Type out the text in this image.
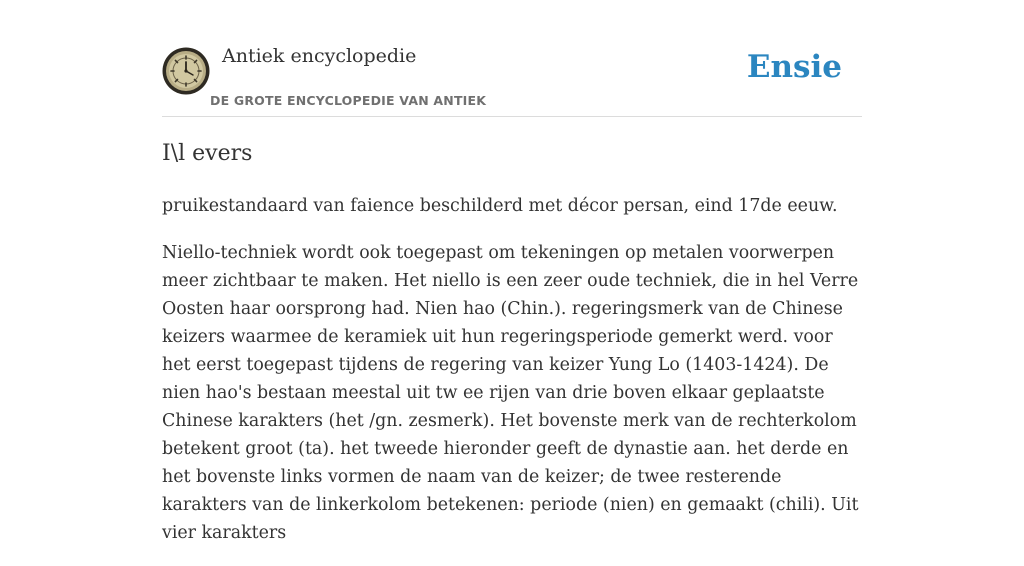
Antiek encyclopedie
DE GROTE ENCYCLOPEDIE VAN ANTIEK
Ensie
I\l evers

pruikestandaard van faience beschilderd met décor persan, eind 17de eeuw.

Niello-techniek wordt ook toegepast om tekeningen op metalen voorwerpen meer zichtbaar te maken. Het niello is een zeer oude techniek, die in hel Verre Oosten haar oorsprong had. Nien hao (Chin.). regeringsmerk van de Chinese keizers waarmee de keramiek uit hun regeringsperiode gemerkt werd. voor het eerst toegepast tijdens de regering van keizer Yung Lo (1403-1424). De nien hao's bestaan meestal uit tw ee rijen van drie boven elkaar geplaatste Chinese karakters (het /gn. zesmerk). Het bovenste merk van de rechterkolom betekent groot (ta). het tweede hieronder geeft de dynastie aan. het derde en het bovenste links vormen de naam van de keizer; de twee resterende karakters van de linkerkolom betekenen: periode (nien) en gemaakt (chili). Uit vier karakters
